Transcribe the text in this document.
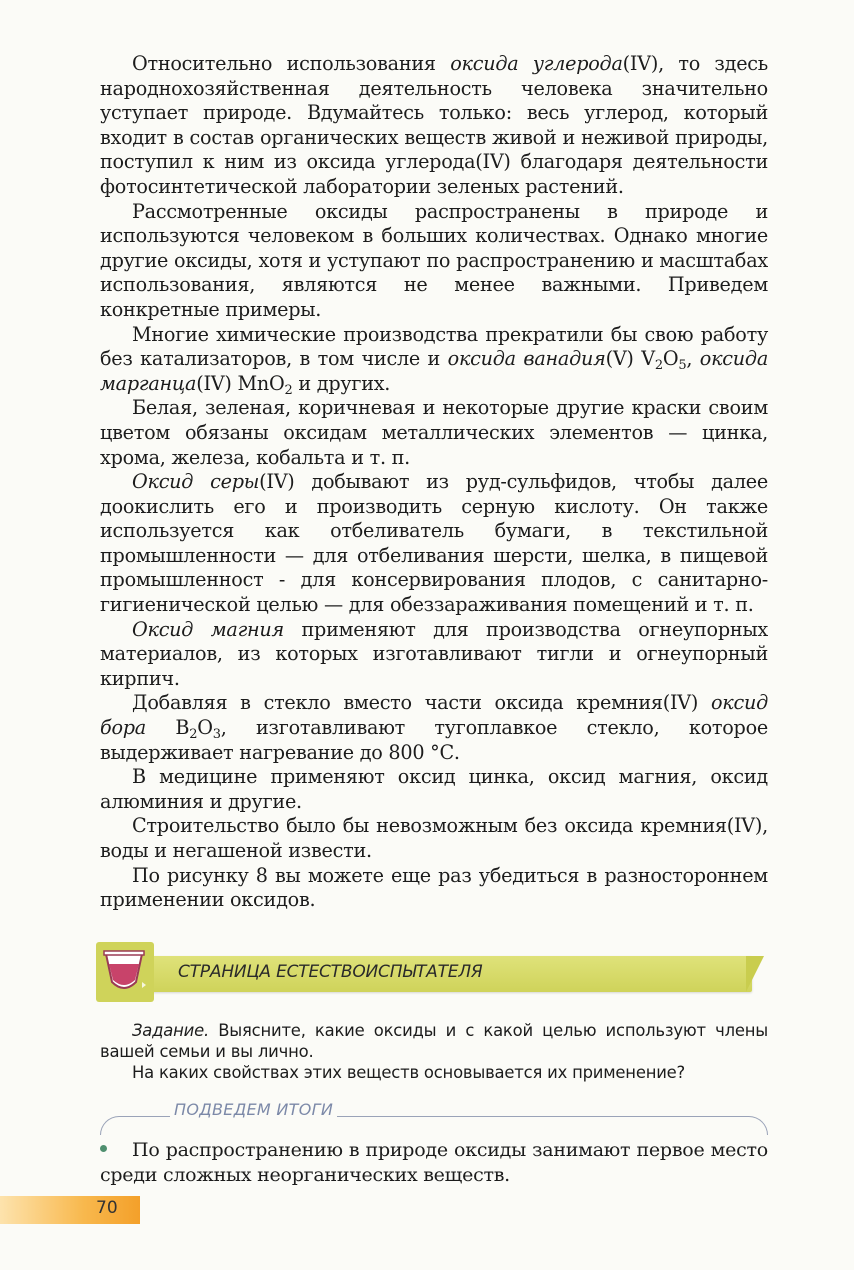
Относительно использования оксида углерода(IV), то здесь народнохозяйственная деятельность человека значительно уступает природе. Вдумайтесь только: весь углерод, который входит в состав органических веществ живой и неживой природы, поступил к ним из оксида углерода(IV) благодаря деятельности фотосинтетической лаборатории зеленых растений.

Рассмотренные оксиды распространены в природе и используются человеком в больших количествах. Однако многие другие оксиды, хотя и уступают по распространению и масштабах использования, являются не менее важными. Приведем конкретные примеры.

Многие химические производства прекратили бы свою работу без катализаторов, в том числе и оксида ванадия(V) $V_2O_5$, оксида марганца(IV) MnO$_2$ и других.

Белая, зеленая, коричневая и некоторые другие краски своим цветом обязаны оксидам металлических элементов — цинка, хрома, железа, кобальта и т. п.

Оксид серы(IV) добывают из руд-сульфидов, чтобы далее доокислить его и производить серную кислоту. Он также используется как отбеливатель бумаги, в текстильной промышленности — для отбеливания шерсти, шелка, в пищевой промышленност - для консервирования плодов, с санитарно-гигиенической целью — для обеззараживания помещений и т. п.

Оксид магния применяют для производства огнеупорных материалов, из которых изготавливают тигли и огнеупорный кирпич.

Добавляя в стекло вместо части оксида кремния(IV) оксид бора $B_2O_3$, изготавливают тугоплавкое стекло, которое выдерживает нагревание до 800 °С.

В медицине применяют оксид цинка, оксид магния, оксид алюминия и другие.

Строительство было бы невозможным без оксида кремния(IV), воды и негашеной извести.

По рисунку 8 вы можете еще раз убедиться в разностороннем применении оксидов.

СТРАНИЦА ЕСТЕСТВОИСПЫТАТЕЛЯ

Задание. Выясните, какие оксиды и с какой целью используют члены вашей семьи и вы лично.

На каких свойствах этих веществ основывается их применение?

ПОДВЕДЕМ ИТОГИ

По распространению в природе оксиды занимают первое место среди сложных неорганических веществ.

70
